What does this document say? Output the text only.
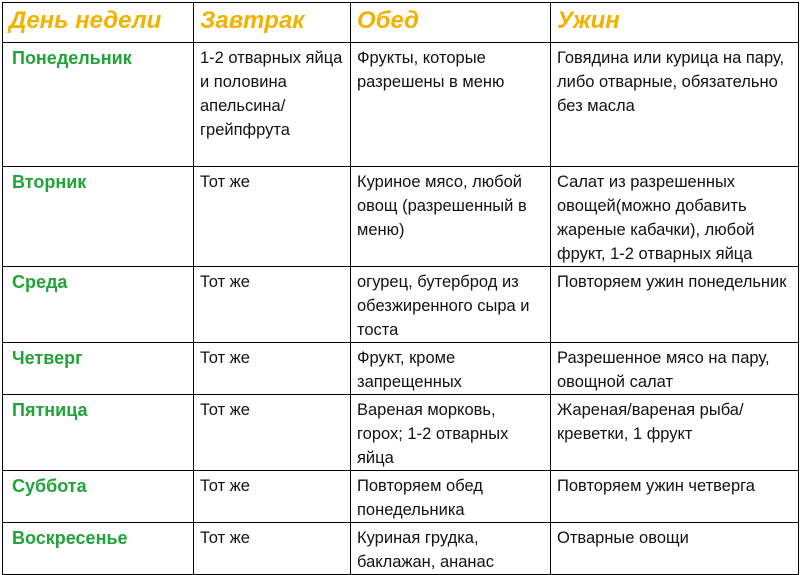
День недели	Завтрак	Обед	Ужин
Понедельник	1-2 отварных яйца и половина апельсина/грейпфрута	Фрукты, которые разрешены в меню	Говядина или курица на пару, либо отварные, обязательно без масла
Вторник	Тот же	Куриное мясо, любой овощ (разрешенный в меню)	Салат из разрешенных овощей(можно добавить жареные кабачки), любой фрукт, 1-2 отварных яйца
Среда	Тот же	огурец, бутерброд из обезжиренного сыра и тоста	Повторяем ужин понедельник
Четверг	Тот же	Фрукт, кроме запрещенных	Разрешенное мясо на пару, овощной салат
Пятница	Тот же	Вареная морковь, горох; 1-2 отварных яйца	Жареная/вареная рыба/креветки, 1 фрукт
Суббота	Тот же	Повторяем обед понедельника	Повторяем ужин четверга
Воскресенье	Тот же	Куриная грудка, баклажан, ананас	Отварные овощи
